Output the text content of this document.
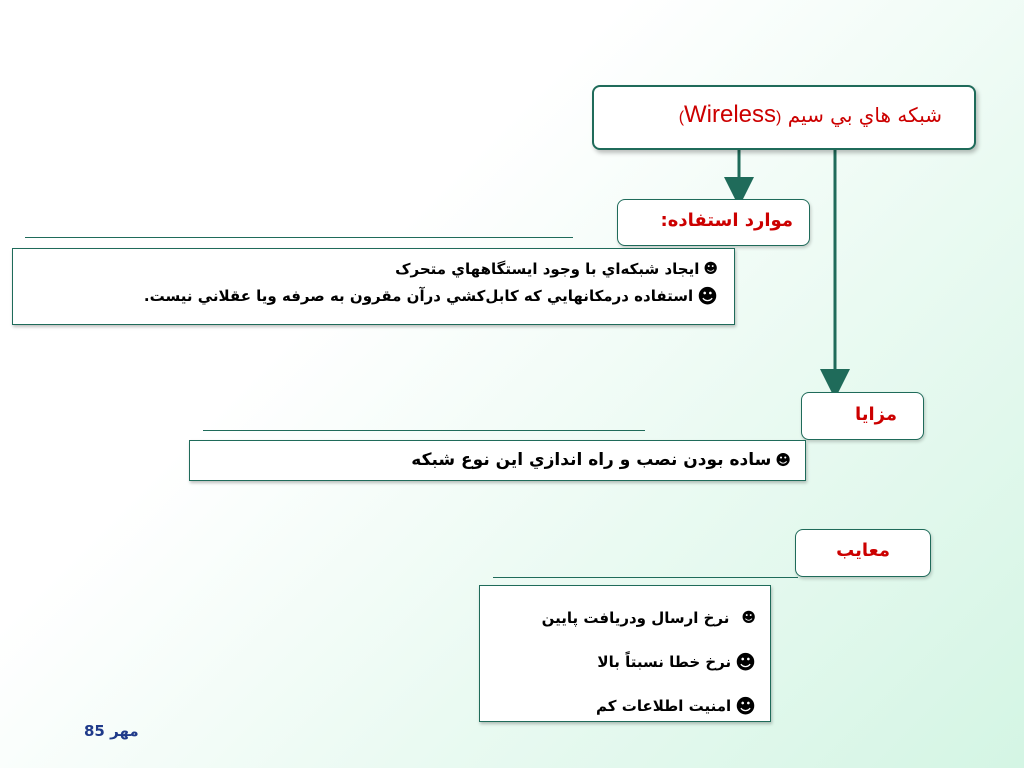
شبکه هاي بي سيم (Wireless)
موارد استفاده:
☻
ايجاد شبکه‌اي با وجود ايستگاههاي متحرک
☻
استفاده درمکانهايي که کابل‌کشي درآن مقرون به صرفه ويا عقلاني نيست.
مزايا
☻
ساده بودن نصب و راه اندازي اين نوع شبکه
معايب
☻
نرخ ارسال ودريافت پايين
☻
نرخ خطا نسبتاً بالا
☻
امنيت اطلاعات کم
مهر 85
